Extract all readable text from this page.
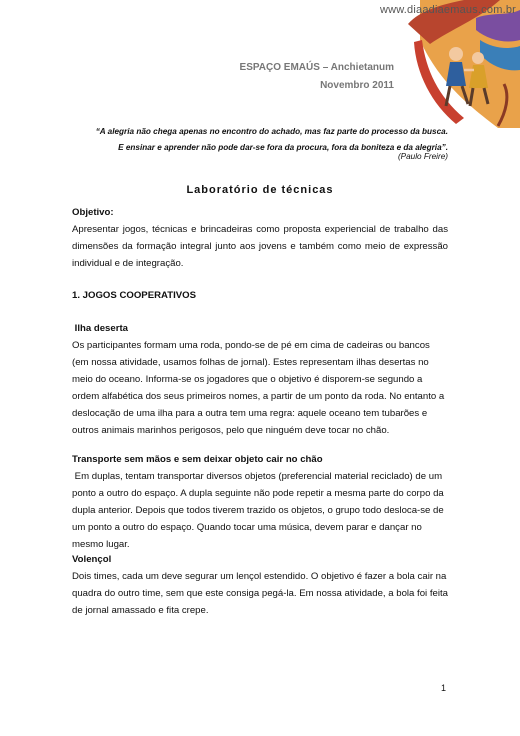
www.diaadiaemaus.com.br
ESPAÇO EMAÚS – Anchietanum
Novembro 2011
“A alegria não chega apenas no encontro do achado, mas faz parte do processo da busca. E ensinar e aprender não pode dar-se fora da procura, fora da boniteza e da alegria”.
(Paulo Freire)
Laboratório de técnicas
Objetivo:
Apresentar jogos, técnicas e brincadeiras como proposta experiencial de trabalho das dimensões da formação integral junto aos jovens e também como meio de expressão individual e de integração.
1. JOGOS COOPERATIVOS
Ilha deserta
Os participantes formam uma roda, pondo-se de pé em cima de cadeiras ou bancos (em nossa atividade, usamos folhas de jornal). Estes representam ilhas desertas no meio do oceano. Informa-se os jogadores que o objetivo é disporem-se segundo a ordem alfabética dos seus primeiros nomes, a partir de um ponto da roda. No entanto a deslocação de uma ilha para a outra tem uma regra: aquele oceano tem tubarões e outros animais marinhos perigosos, pelo que ninguém deve tocar no chão.
Transporte sem mãos e sem deixar objeto cair no chão
Em duplas, tentam transportar diversos objetos (preferencial material reciclado) de um ponto a outro do espaço. A dupla seguinte não pode repetir a mesma parte do corpo da dupla anterior. Depois que todos tiverem trazido os objetos, o grupo todo desloca-se de um ponto a outro do espaço. Quando tocar uma música, devem parar e dançar no mesmo lugar.
Volençol
Dois times, cada um deve segurar um lençol estendido. O objetivo é fazer a bola cair na quadra do outro time, sem que este consiga pegá-la. Em nossa atividade, a bola foi feita de jornal amassado e fita crepe.
1
